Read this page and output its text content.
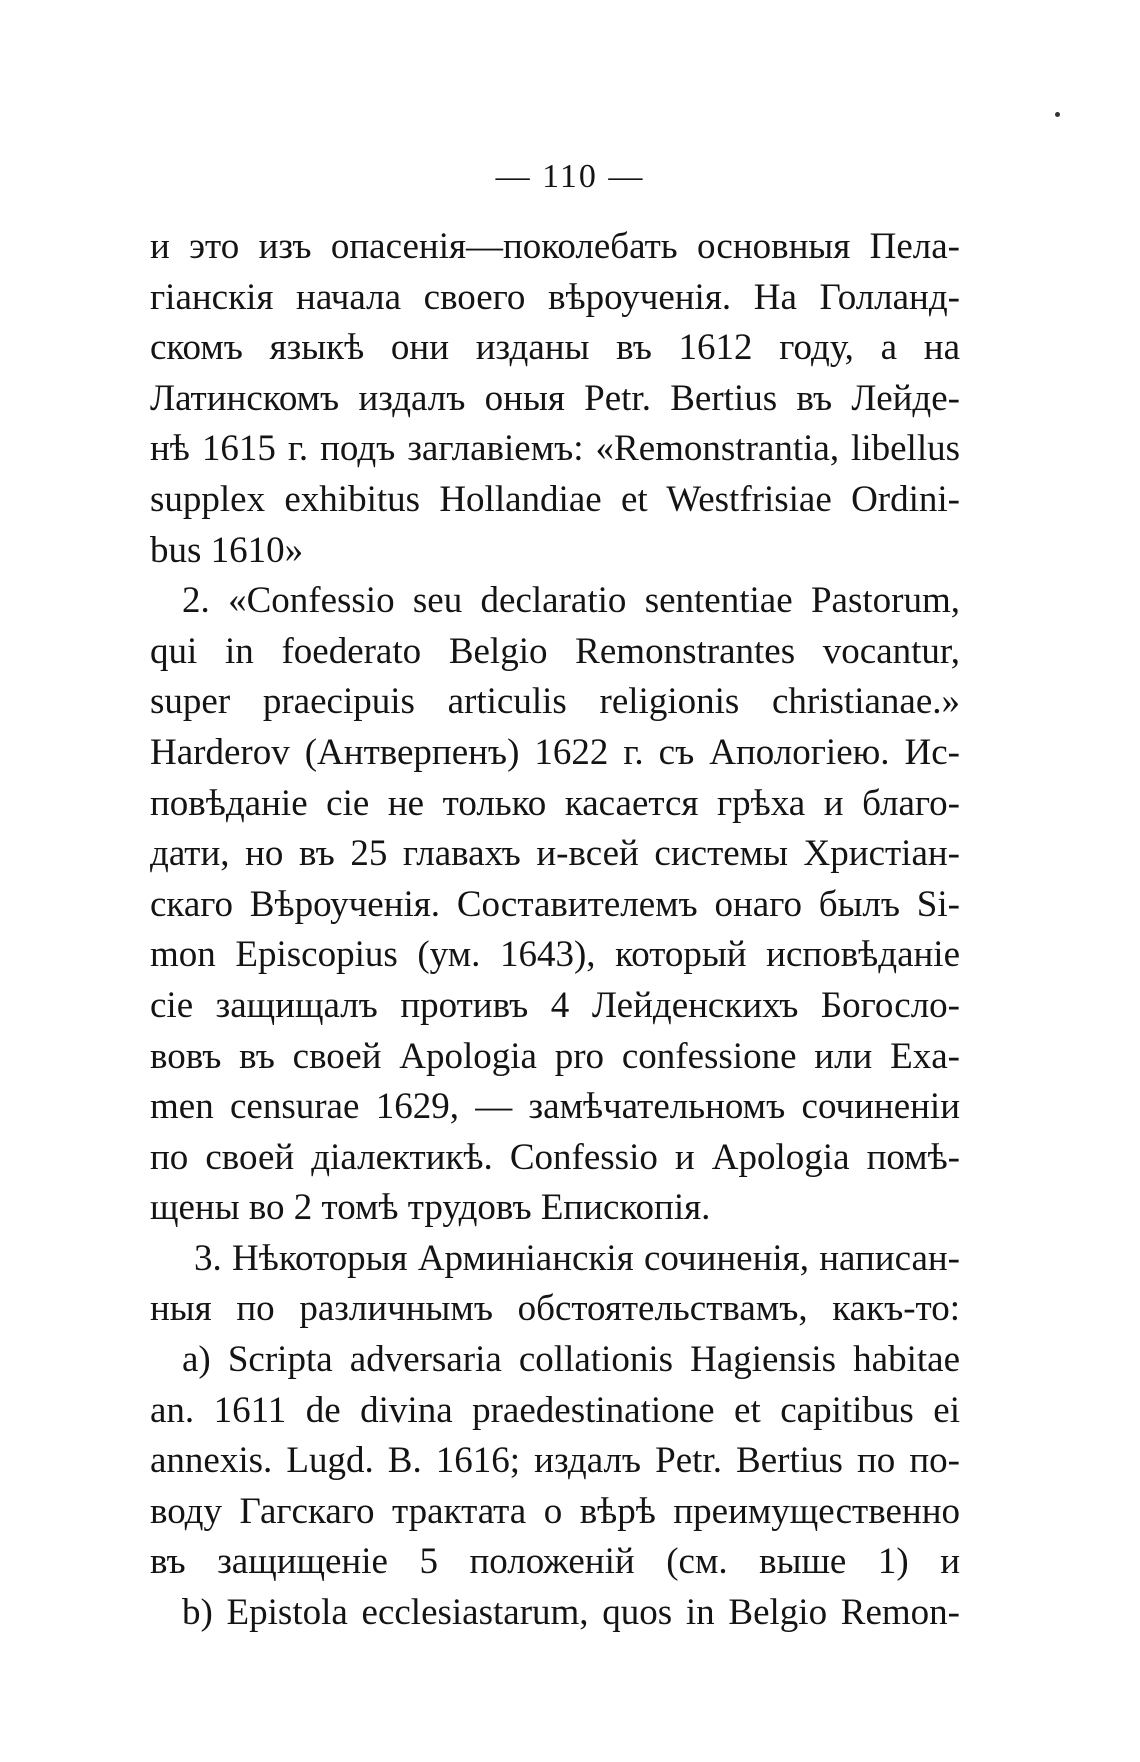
— 110 —
и это изъ опасенія—поколебать основныя Пела-
гіанскія начала своего вѣроученія. На Голланд-
скомъ языкѣ они изданы въ 1612 году, а на
Латинскомъ издалъ оныя Petr. Bertius въ Лейде-
нѣ 1615 г. подъ заглавіемъ: «Remonstrantia, libellus
supplex exhibitus Hollandiae et Westfrisiae Ordini-
bus 1610»
2. «Confessio seu declaratio sententiae Pastorum,
qui in foederato Belgio Remonstrantes vocantur,
super praecipuis articulis religionis christianae.»
Harderov (Антверпенъ) 1622 г. съ Апологіею. Ис-
повѣданіе сіе не только касается грѣха и благо-
дати, но въ 25 главахъ и-всей системы Христіан-
скаго Вѣроученія. Составителемъ онаго былъ Si-
mon Episcopius (ум. 1643), который исповѣданіе
сіе защищалъ противъ 4 Лейденскихъ Богосло-
вовъ въ своей Apologia pro confessione или Exa-
men censurae 1629, — замѣчательномъ сочиненіи
по своей діалектикѣ. Confessio и Apologia помѣ-
щены во 2 томѣ трудовъ Епископія.
3. Нѣкоторыя Арминіанскія сочиненія, написан-
ныя по различнымъ обстоятельствамъ, какъ-то:
a) Scripta adversaria collationis Hagiensis habitae
an. 1611 de divina praedestinatione et capitibus ei
annexis. Lugd. B. 1616; издалъ Petr. Bertius по по-
воду Гагскаго трактата о вѣрѣ преимущественно
въ защищеніе 5 положеній (см. выше 1) и
b) Epistola ecclesiastarum, quos in Belgio Remon-
